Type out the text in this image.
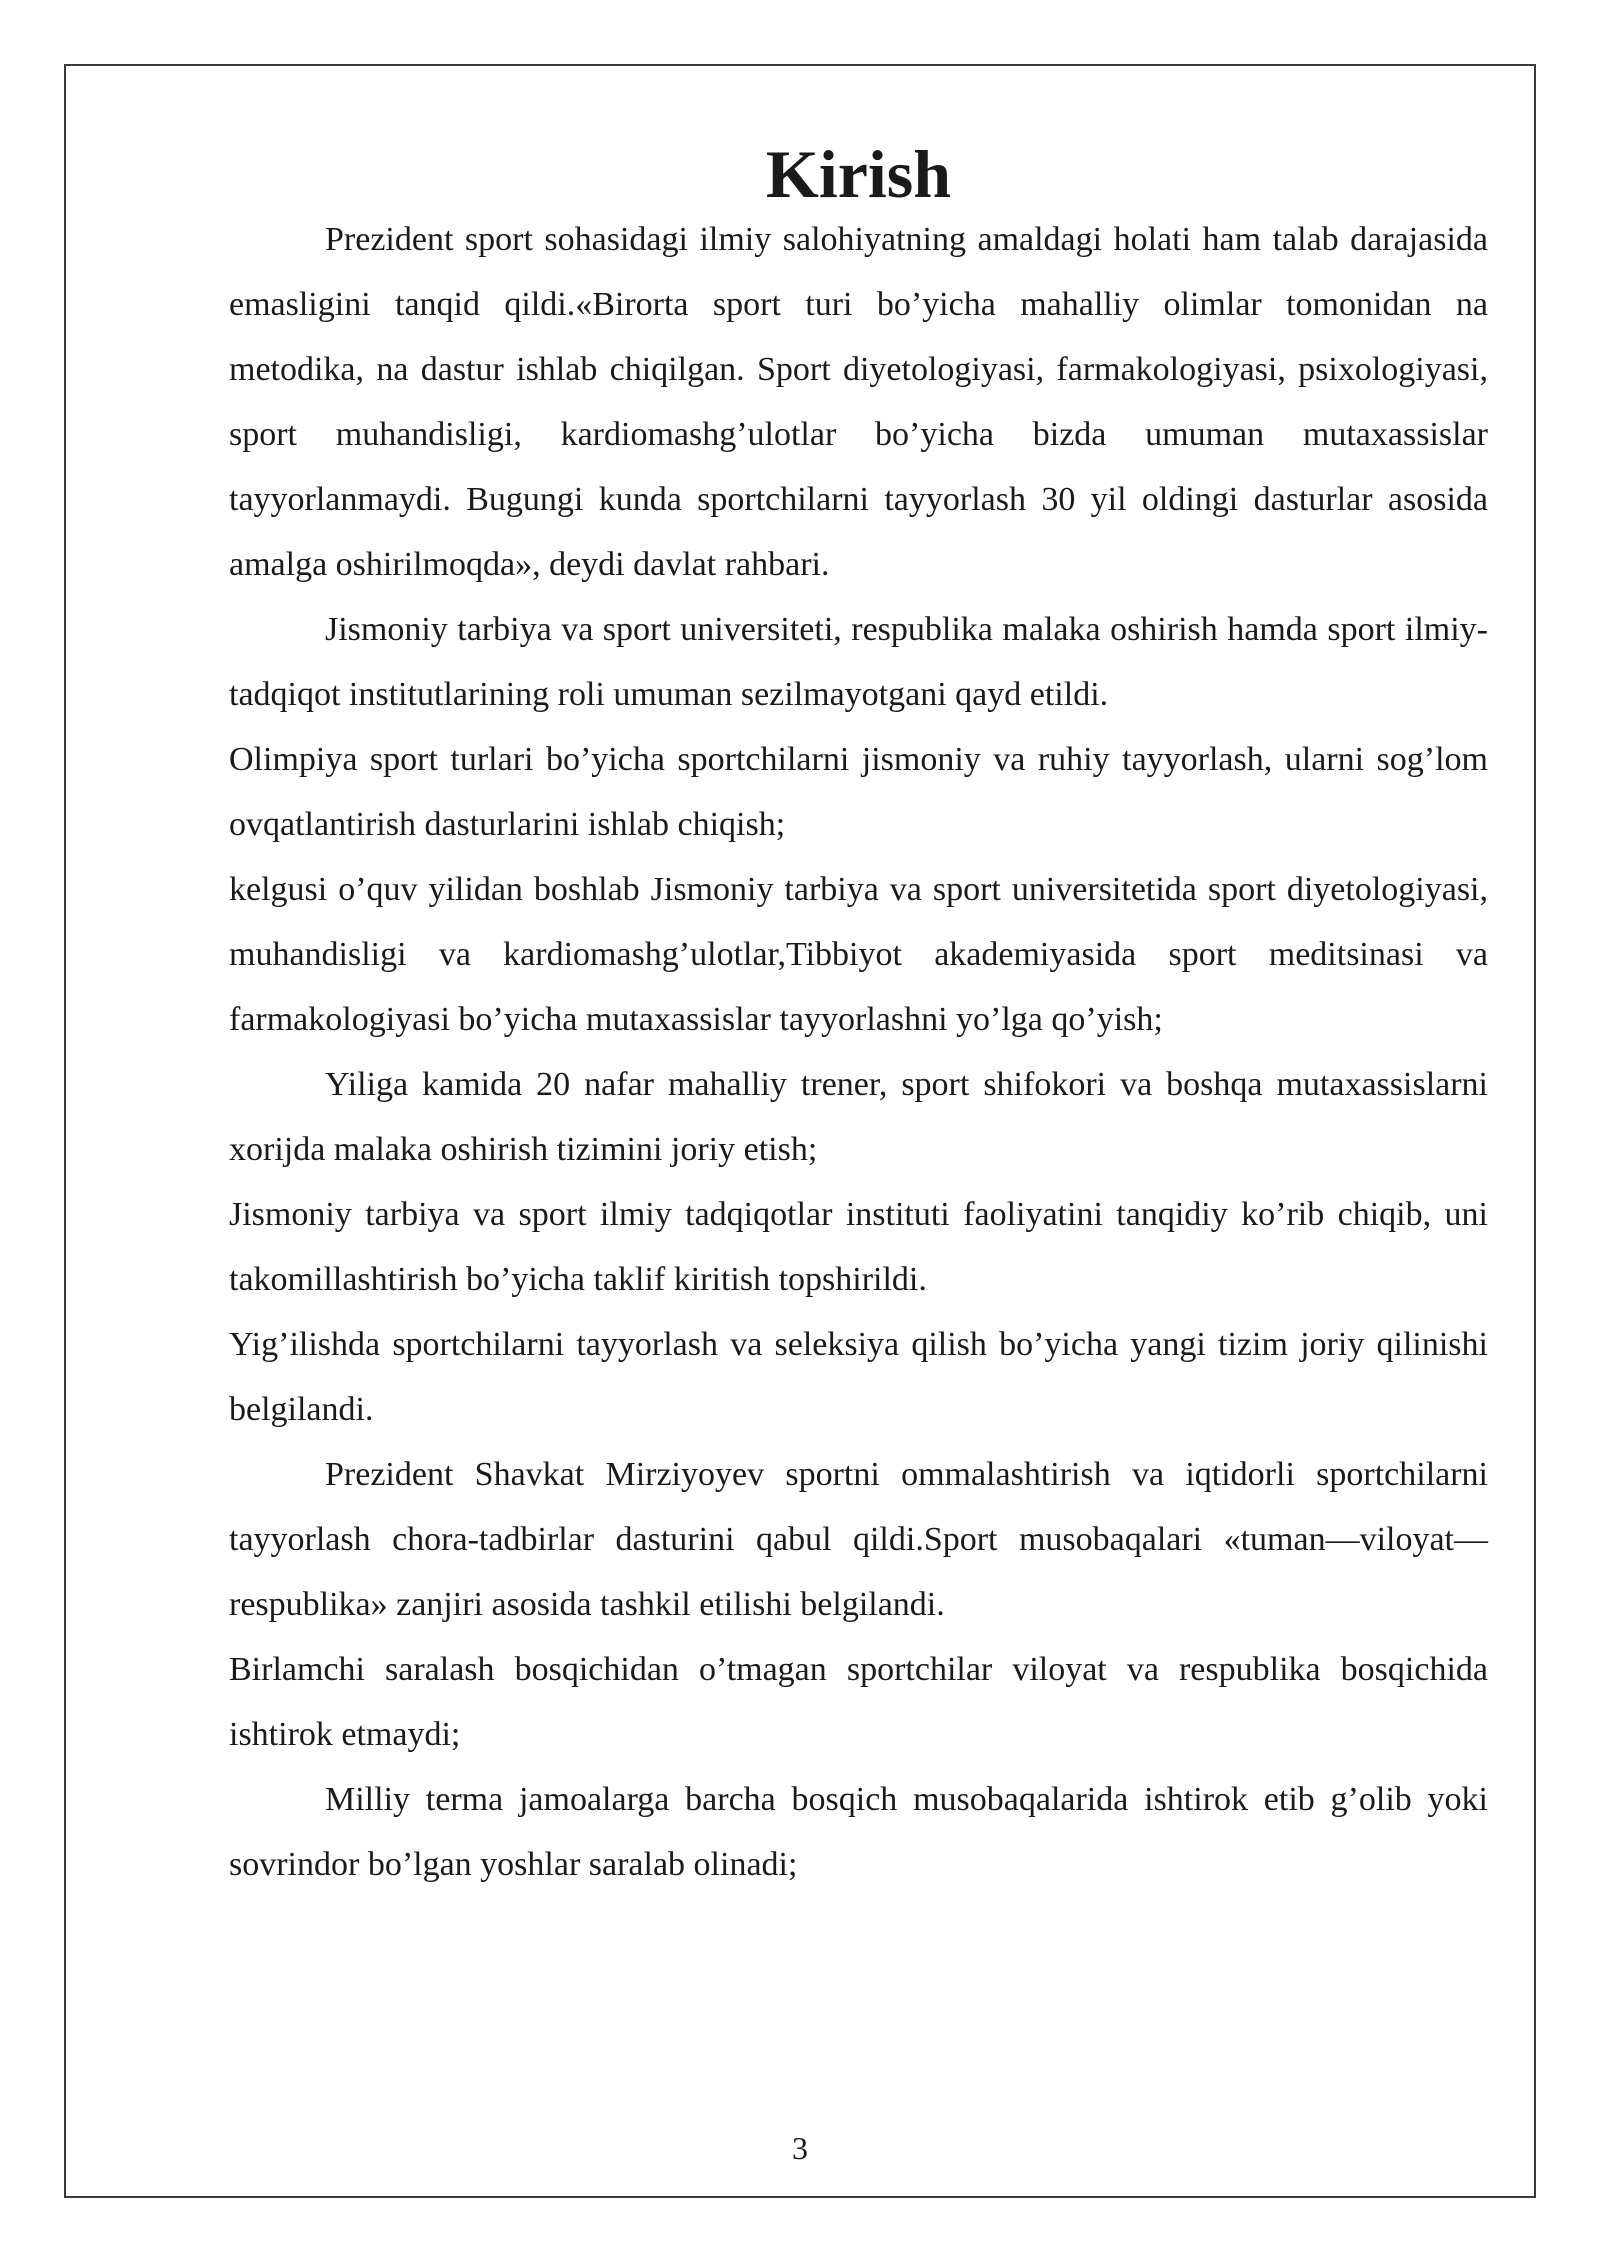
Kirish

Prezident sport sohasidagi ilmiy salohiyatning amaldagi holati ham talab darajasida emasligini tanqid qildi.«Birorta sport turi bo’yicha mahalliy olimlar tomonidan na metodika, na dastur ishlab chiqilgan. Sport diyetologiyasi, farmakologiyasi, psixologiyasi, sport muhandisligi, kardiomashg’ulotlar bo’yicha bizda umuman mutaxassislar tayyorlanmaydi. Bugungi kunda sportchilarni tayyorlash 30 yil oldingi dasturlar asosida amalga oshirilmoqda», deydi davlat rahbari.

Jismoniy tarbiya va sport universiteti, respublika malaka oshirish hamda sport ilmiy-tadqiqot institutlarining roli umuman sezilmayotgani qayd etildi.

Olimpiya sport turlari bo’yicha sportchilarni jismoniy va ruhiy tayyorlash, ularni sog’lom ovqatlantirish dasturlarini ishlab chiqish;

kelgusi o’quv yilidan boshlab Jismoniy tarbiya va sport universitetida sport diyetologiyasi, muhandisligi va kardiomashg’ulotlar,Tibbiyot akademiyasida sport meditsinasi va farmakologiyasi bo’yicha mutaxassislar tayyorlashni yo’lga qo’yish;

Yiliga kamida 20 nafar mahalliy trener, sport shifokori va boshqa mutaxassislarni xorijda malaka oshirish tizimini joriy etish;

Jismoniy tarbiya va sport ilmiy tadqiqotlar instituti faoliyatini tanqidiy ko’rib chiqib, uni takomillashtirish bo’yicha taklif kiritish topshirildi.

Yig’ilishda sportchilarni tayyorlash va seleksiya qilish bo’yicha yangi tizim joriy qilinishi belgilandi.

Prezident Shavkat Mirziyoyev sportni ommalashtirish va iqtidorli sportchilarni tayyorlash chora-tadbirlar dasturini qabul qildi.Sport musobaqalari «tuman—viloyat—respublika» zanjiri asosida tashkil etilishi belgilandi.

Birlamchi saralash bosqichidan o’tmagan sportchilar viloyat va respublika bosqichida ishtirok etmaydi;

Milliy terma jamoalarga barcha bosqich musobaqalarida ishtirok etib g’olib yoki sovrindor bo’lgan yoshlar saralab olinadi;

3
